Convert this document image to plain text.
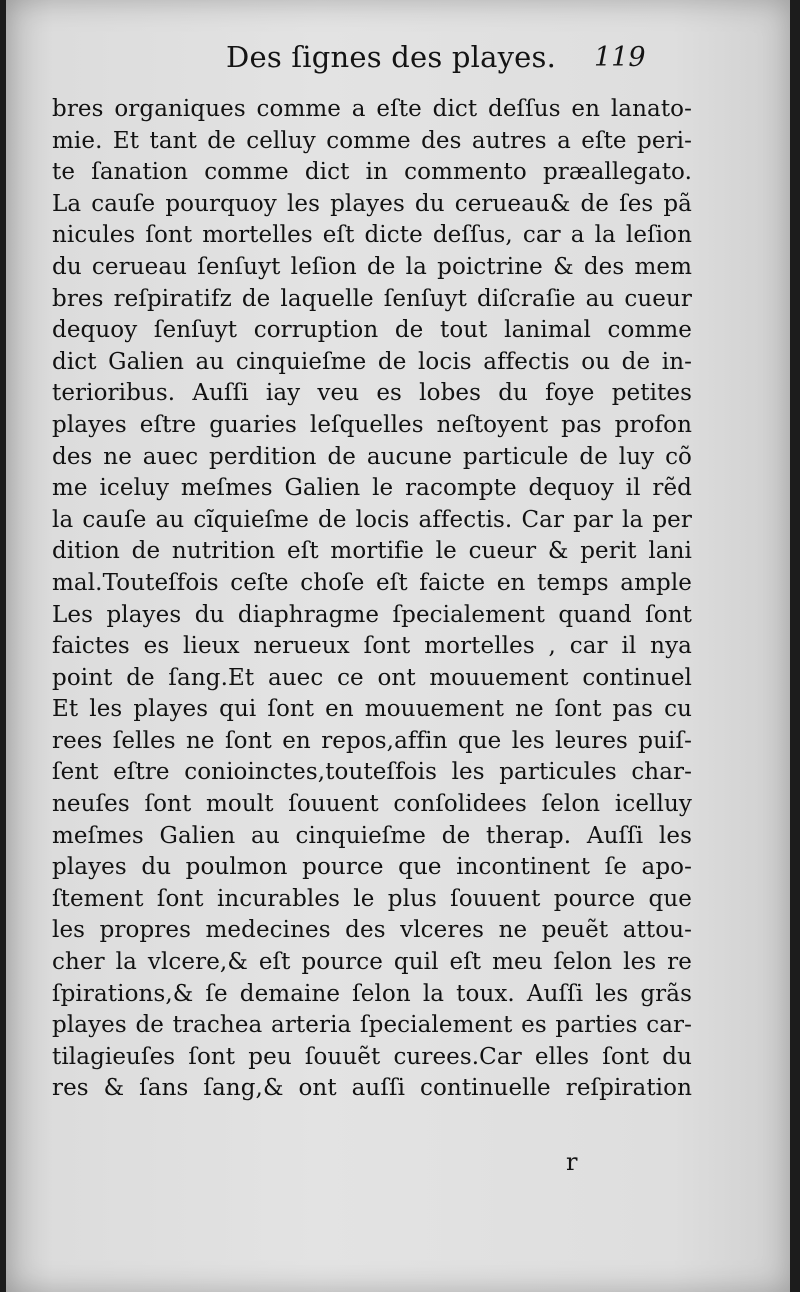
Des ſignes des playes. 119
bres organiques comme a eſte dict deſſus en lanato-
mie. Et tant de celluy comme des autres a eſte peri-
te ſanation comme dict in commento præallegato.
La cauſe pourquoy les playes du cerueau& de ſes pã
nicules ſont mortelles eſt dicte deſſus, car a la leſion
du cerueau ſenſuyt leſion de la poictrine & des mem
bres reſpiratifz de laquelle ſenſuyt diſcraſie au cueur
dequoy ſenſuyt corruption de tout lanimal comme
dict Galien au cinquieſme de locis affectis ou de in-
terioribus. Auſſi iay veu es lobes du foye petites
playes eſtre guaries leſquelles neſtoyent pas profon
des ne auec perdition de aucune particule de luy cõ
me iceluy meſmes Galien le racompte dequoy il rẽd
la cauſe au cĩquieſme de locis affectis. Car par la per
dition de nutrition eſt mortifie le cueur & perit lani
mal.Touteſfois ceſte choſe eſt faicte en temps ample
Les playes du diaphragme ſpecialement quand ſont
faictes es lieux nerueux ſont mortelles , car il nya
point de ſang.Et auec ce ont mouuement continuel
Et les playes qui ſont en mouuement ne ſont pas cu
rees ſelles ne ſont en repos,affin que les leures puiſ-
ſent eſtre conioinctes,touteſfois les particules char-
neuſes ſont moult ſouuent conſolidees ſelon icelluy
meſmes Galien au cinquieſme de therap. Auſſi les
playes du poulmon pource que incontinent ſe apo-
ſtement ſont incurables le plus ſouuent pource que
les propres medecines des vlceres ne peuẽt attou-
cher la vlcere,& eſt pource quil eſt meu ſelon les re
ſpirations,& ſe demaine ſelon la toux. Auſſi les grãs
playes de trachea arteria ſpecialement es parties car-
tilagieuſes ſont peu ſouuẽt curees.Car elles ſont du
res & ſans ſang,& ont auſſi continuelle reſpiration
r
